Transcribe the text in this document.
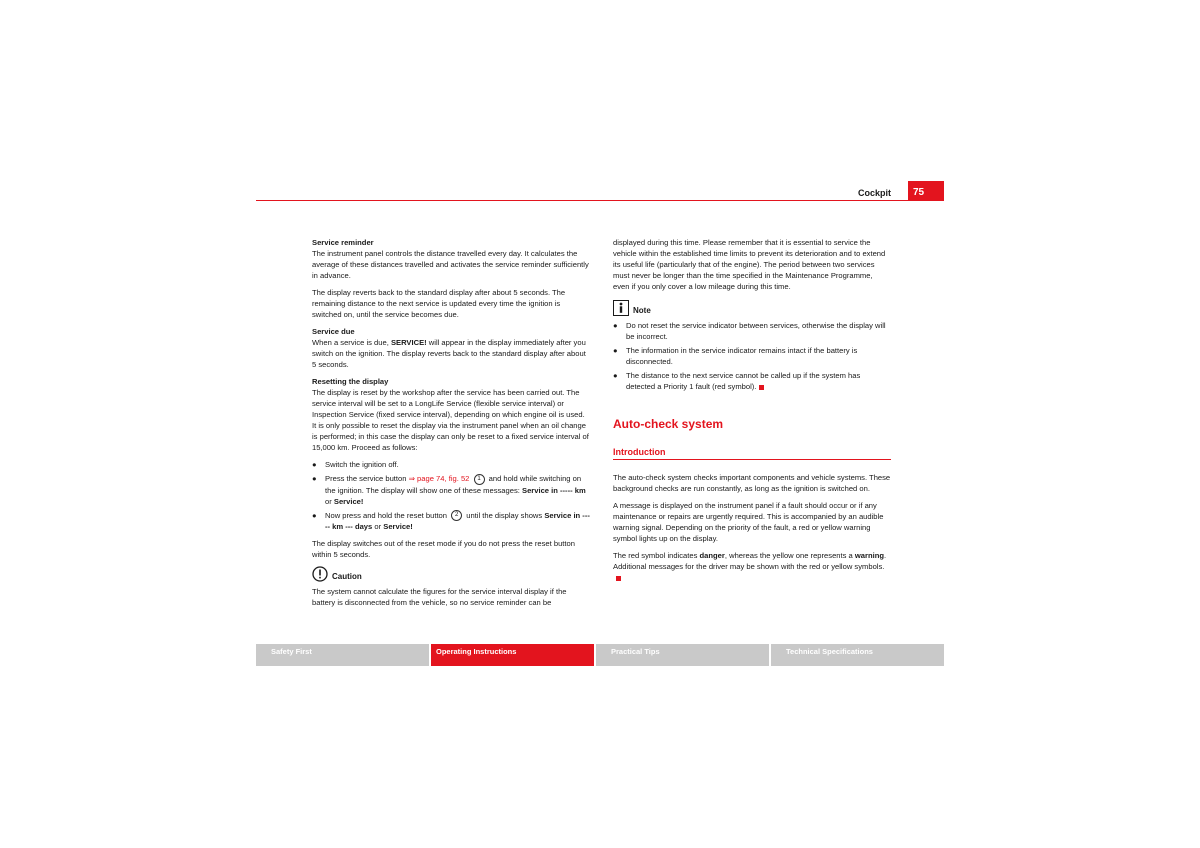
Cockpit	75
Service reminder

The instrument panel controls the distance travelled every day. It calculates the average of these distances travelled and activates the service reminder sufficiently in advance.

The display reverts back to the standard display after about 5 seconds. The remaining distance to the next service is updated every time the ignition is switched on, until the service becomes due.

Service due

When a service is due, SERVICE! will appear in the display immediately after you switch on the ignition. The display reverts back to the standard display after about 5 seconds.

Resetting the display

The display is reset by the workshop after the service has been carried out. The service interval will be set to a LongLife Service (flexible service interval) or Inspection Service (fixed service interval), depending on which engine oil is used. It is only possible to reset the display via the instrument panel when an oil change is performed; in this case the display can only be reset to a fixed service interval of 15,000 km. Proceed as follows:

●	Switch the ignition off.
●	Press the service button ⇒ page 74, fig. 52 1 and hold while switching on the ignition. The display will show one of these messages: Service in ----- km or Service!
●	Now press and hold the reset button 2 until the display shows Service in ----- km --- days or Service!

The display switches out of the reset mode if you do not press the reset button within 5 seconds.

Caution

The system cannot calculate the figures for the service interval display if the battery is disconnected from the vehicle, so no service reminder can be

displayed during this time. Please remember that it is essential to service the vehicle within the established time limits to prevent its deterioration and to extend its useful life (particularly that of the engine). The period between two services must never be longer than the time specified in the Maintenance Programme, even if you only cover a low mileage during this time.

Note
●	Do not reset the service indicator between services, otherwise the display will be incorrect.
●	The information in the service indicator remains intact if the battery is disconnected.
●	The distance to the next service cannot be called up if the system has detected a Priority 1 fault (red symbol).
Auto-check system
Introduction

The auto-check system checks important components and vehicle systems. These background checks are run constantly, as long as the ignition is switched on.

A message is displayed on the instrument panel if a fault should occur or if any maintenance or repairs are urgently required. This is accompanied by an audible warning signal. Depending on the priority of the fault, a red or yellow warning symbol lights up on the display.

The red symbol indicates danger, whereas the yellow one represents a warning. Additional messages for the driver may be shown with the red or yellow symbols.

Safety First	Operating Instructions	Practical Tips	Technical Specifications
